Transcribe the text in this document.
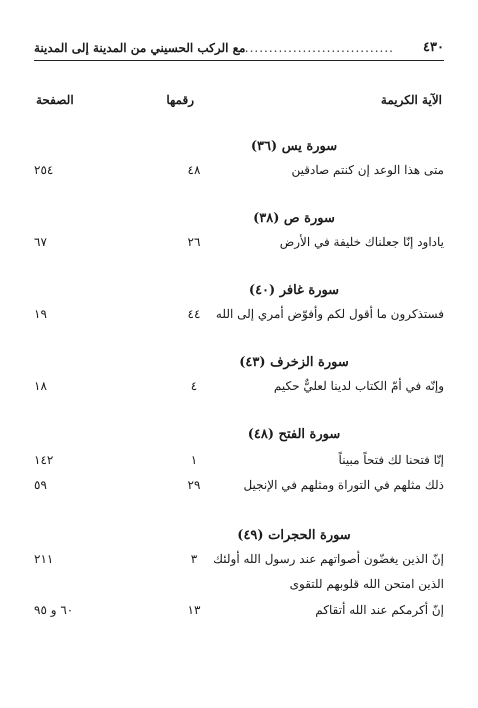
٤٣٠
...............................
مع الركب الحسيني من المدينة إلى المدينة
الآية الكريمة
رقمها
الصفحة
سورة يس (٣٦)
متى هذا الوعد إن كنتم صادقين
٤٨
٢٥٤
سورة ص (٣٨)
ياداود إنّا جعلناك خليفة في الأرض
٢٦
٦٧
سورة غافر (٤٠)
فستذكرون ما أقول لكم وأفوّض أمري إلى الله
٤٤
١٩
سورة الزخرف (٤٣)
وإنّه في أمّ الكتاب لدينا لعليٌّ حكيم
٤
١٨
سورة الفتح (٤٨)
إنّا فتحنا لك فتحاً مبيناً
١
١٤٢
ذلك مثلهم في التوراة ومثلهم في الإنجيل
٢٩
٥٩
سورة الحجرات (٤٩)
إنّ الذين يغضّون أصواتهم عند رسول الله أولئك
٣
٢١١
الذين امتحن الله قلوبهم للتقوى
إنّ أكرمكم عند الله أتقاكم
١٣
٦٠ و ٩٥
